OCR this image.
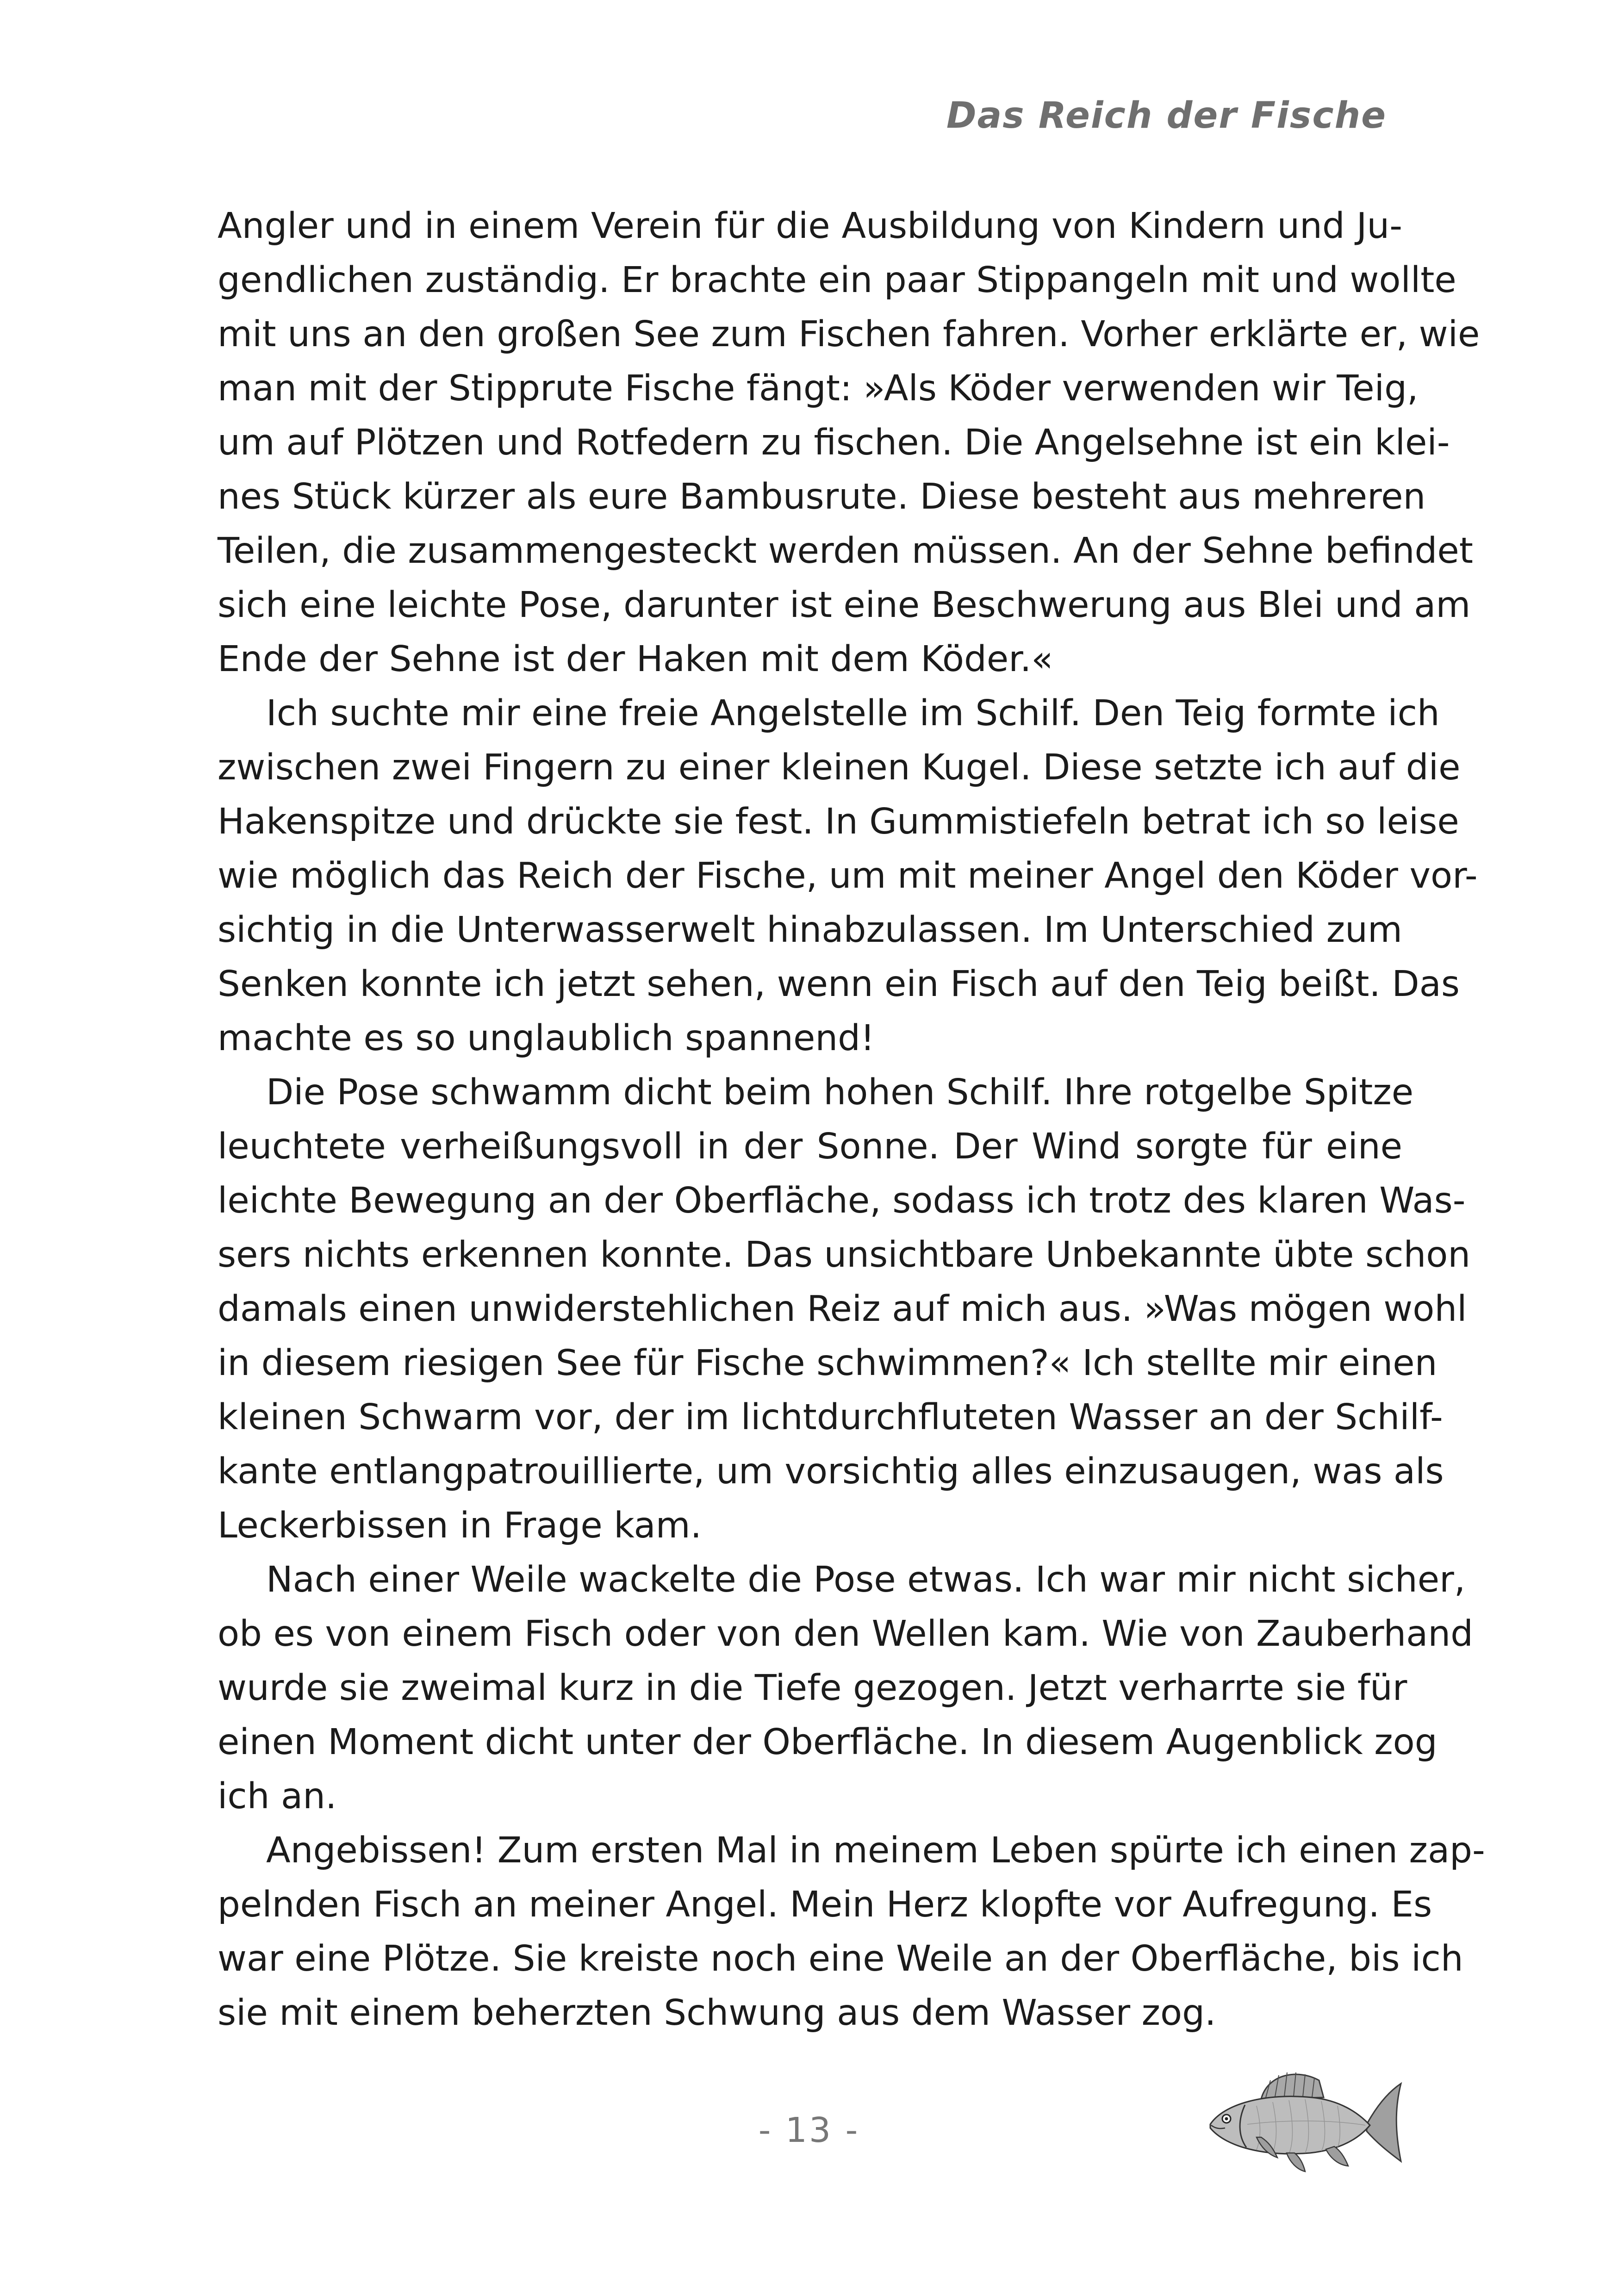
Das Reich der Fische
Angler und in einem Verein für die Ausbildung von Kindern und Ju-
gendlichen zuständig. Er brachte ein paar Stippangeln mit und wollte
mit uns an den großen See zum Fischen fahren. Vorher erklärte er, wie
man mit der Stipprute Fische fängt: »Als Köder verwenden wir Teig,
um auf Plötzen und Rotfedern zu fischen. Die Angelsehne ist ein klei-
nes Stück kürzer als eure Bambusrute. Diese besteht aus mehreren
Teilen, die zusammengesteckt werden müssen. An der Sehne befindet
sich eine leichte Pose, darunter ist eine Beschwerung aus Blei und am
Ende der Sehne ist der Haken mit dem Köder.«
Ich suchte mir eine freie Angelstelle im Schilf. Den Teig formte ich
zwischen zwei Fingern zu einer kleinen Kugel. Diese setzte ich auf die
Hakenspitze und drückte sie fest. In Gummistiefeln betrat ich so leise
wie möglich das Reich der Fische, um mit meiner Angel den Köder vor-
sichtig in die Unterwasserwelt hinabzulassen. Im Unterschied zum
Senken konnte ich jetzt sehen, wenn ein Fisch auf den Teig beißt. Das
machte es so unglaublich spannend!
Die Pose schwamm dicht beim hohen Schilf. Ihre rotgelbe Spitze
leuchtete verheißungsvoll in der Sonne. Der Wind sorgte für eine
leichte Bewegung an der Oberfläche, sodass ich trotz des klaren Was-
sers nichts erkennen konnte. Das unsichtbare Unbekannte übte schon
damals einen unwiderstehlichen Reiz auf mich aus. »Was mögen wohl
in diesem riesigen See für Fische schwimmen?« Ich stellte mir einen
kleinen Schwarm vor, der im lichtdurchfluteten Wasser an der Schilf-
kante entlangpatrouillierte, um vorsichtig alles einzusaugen, was als
Leckerbissen in Frage kam.
Nach einer Weile wackelte die Pose etwas. Ich war mir nicht sicher,
ob es von einem Fisch oder von den Wellen kam. Wie von Zauberhand
wurde sie zweimal kurz in die Tiefe gezogen. Jetzt verharrte sie für
einen Moment dicht unter der Oberfläche. In diesem Augenblick zog
ich an.
Angebissen! Zum ersten Mal in meinem Leben spürte ich einen zap-
pelnden Fisch an meiner Angel. Mein Herz klopfte vor Aufregung. Es
war eine Plötze. Sie kreiste noch eine Weile an der Oberfläche, bis ich
sie mit einem beherzten Schwung aus dem Wasser zog.
- 13 -
